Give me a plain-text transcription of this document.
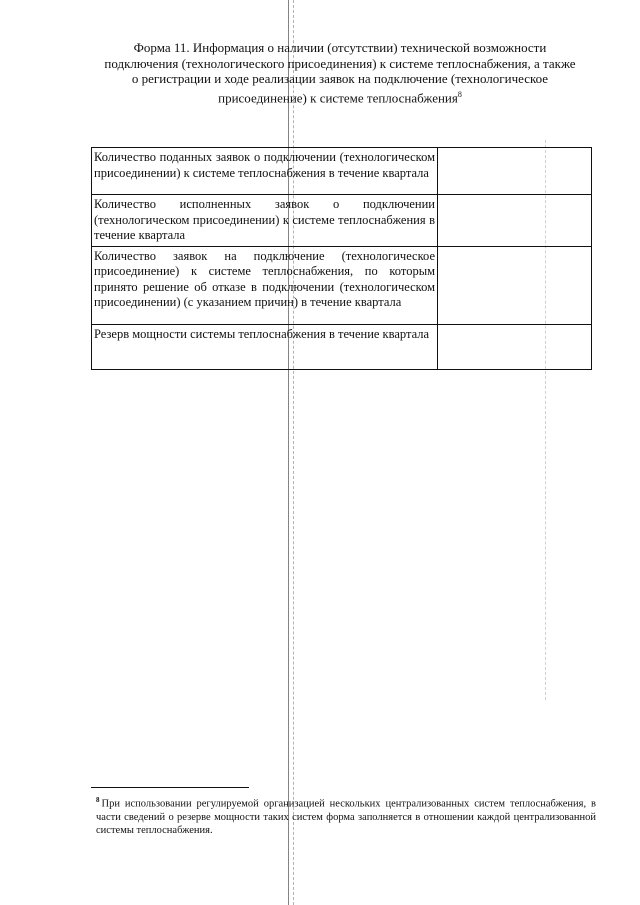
Форма 11. Информация о наличии (отсутствии) технической возможности подключения (технологического присоединения) к системе теплоснабжения, а также о регистрации и ходе реализации заявок на подключение (технологическое присоединение) к системе теплоснабжения$^8$
Количество поданных заявок о подключении (технологическом присоединении) к системе теплоснабжения в течение квартала	
Количество исполненных заявок о подключении (технологическом присоединении) к системе теплоснабжения в течение квартала	
Количество заявок на подключение (технологическое присоединение) к системе теплоснабжения, по которым принято решение об отказе в подключении (технологическом присоединении) (с указанием причин) в течение квартала	
Резерв мощности системы теплоснабжения в течение квартала	
$^8$ При использовании регулируемой организацией нескольких централизованных систем теплоснабжения, в части сведений о резерве мощности таких систем форма заполняется в отношении каждой централизованной системы теплоснабжения.
